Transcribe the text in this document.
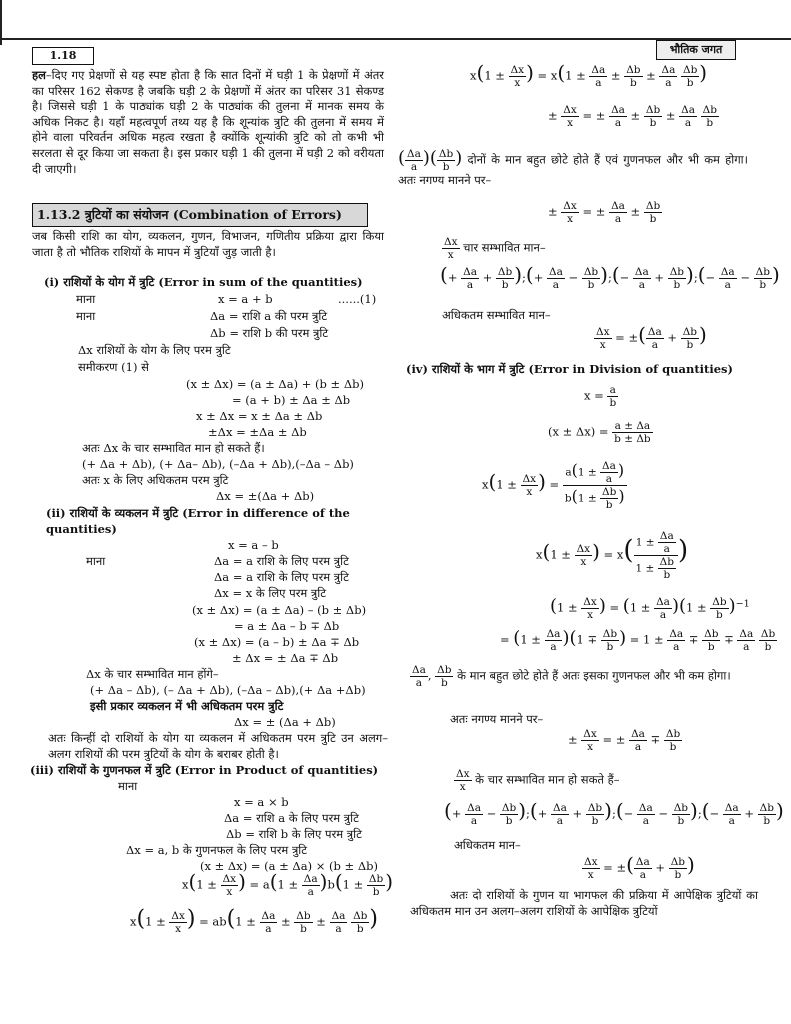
1.18	भौतिक जगत
हल–दिए गए प्रेक्षणों से यह स्पष्ट होता है कि सात दिनों में घड़ी 1 के प्रेक्षणों में अंतर का परिसर 162 सेकण्ड है जबकि घड़ी 2 के प्रेक्षणों में अंतर का परिसर 31 सेकण्ड है। जिससे घड़ी 1 के पाठ्यांक घड़ी 2 के पाठ्यांक की तुलना में मानक समय के अधिक निकट है। यहाँ महत्वपूर्ण तथ्य यह है कि शून्यांक त्रुटि की तुलना में समय में होने वाला परिवर्तन अधिक महत्व रखता है क्योंकि शून्यांकी त्रुटि को तो कभी भी सरलता से दूर किया जा सकता है। इस प्रकार घड़ी 1 की तुलना में घड़ी 2 को वरीयता दी जाएगी।
1.13.2 त्रुटियों का संयोजन (Combination of Errors)
जब किसी राशि का योग, व्यकलन, गुणन, विभाजन, गणितीय प्रक्रिया द्वारा किया जाता है तो भौतिक राशियों के मापन में त्रुटियाँ जुड़ जाती है।
(i) राशियों के योग में त्रुटि (Error in sum of the quantities)
माना	x = a + b	......(1)
माना	Δa = राशि a की परम त्रुटि
Δb = राशि b की परम त्रुटि
Δx राशियों के योग के लिए परम त्रुटि
समीकरण (1) से
(x ± Δx) = (a ± Δa) + (b ± Δb)
= (a + b) ± Δa ± Δb
x ± Δx = x ± Δa ± Δb
±Δx = ±Δa ± Δb
अतः Δx के चार सम्भावित मान हो सकते हैं।
(+ Δa + Δb), (+ Δa– Δb), (–Δa + Δb),(–Δa – Δb)
अतः x के लिए अधिकतम परम त्रुटि
Δx = ±(Δa + Δb)
(ii) राशियों के व्यकलन में त्रुटि (Error in difference of the quantities)
x = a – b
माना	Δa = a राशि के लिए परम त्रुटि
Δa = a राशि के लिए परम त्रुटि
Δx = x के लिए परम त्रुटि
(x ± Δx) = (a ± Δa) – (b ± Δb)
= a ± Δa – b ∓ Δb
(x ± Δx) = (a – b) ± Δa ∓ Δb
± Δx = ± Δa ∓ Δb
Δx के चार सम्भावित मान होंगे–
(+ Δa – Δb), (– Δa + Δb), (–Δa – Δb),(+ Δa +Δb)
इसी प्रकार व्यकलन में भी अधिकतम परम त्रुटि
Δx = ± (Δa + Δb)
अतः किन्हीं दो राशियों के योग या व्यकलन में अधिकतम परम त्रुटि उन अलग–अलग राशियों की परम त्रुटियों के योग के बराबर होती है।
(iii) राशियों के गुणनफल में त्रुटि (Error in Product of quantities)
माना
x = a × b
Δa = राशि a के लिए परम त्रुटि
Δb = राशि b के लिए परम त्रुटि
Δx = a, b के गुणनफल के लिए परम त्रुटि
(x ± Δx) = (a ± Δa) × (b ± Δb)
$x(1 \pm \frac{\Delta x}{x}$ ) = $a(1 \pm \frac{\Delta a}{a} )b(1 \pm \frac{\Delta b}{b}$ )
$x(1 \pm \frac{\Delta x}{x}$ ) = $ab(1 \pm \frac{\Delta a}{a} \pm \frac{\Delta b}{b} \pm \frac{\Delta a}{a}$
$\frac{\Delta b}{b}$ )
$x(1 \pm \frac{\Delta x}{x}$ ) = $x(1 \pm \frac{\Delta a}{a} \pm \frac{\Delta b}{b} \pm \frac{\Delta a}{a}$
$\frac{\Delta b}{b}$ )
± $\frac{\Delta x}{x}$ = ± $\frac{\Delta a}{a} \pm \frac{\Delta b}{b} \pm \frac{\Delta a}{a}$
$\frac{\Delta b}{b}$
( $\frac{\Delta a}{a}$ )( $\frac{\Delta b}{b}$ ) दोनों के मान बहुत छोटे होते हैं एवं गुणनफल और भी कम होगा। अतः नगण्य मानने पर–
± $\frac{\Delta x}{x}$ = ± $\frac{\Delta a}{a} \pm \frac{\Delta b}{b}$
$\frac{\Delta x}{x}$ चार सम्भावित मान–
(+ $\frac{\Delta a}{a} + \frac{\Delta b}{b}$ );(+ $\frac{\Delta a}{a} - \frac{\Delta b}{b}$ );(− $\frac{\Delta a}{a} + \frac{\Delta b}{b}$ );(− $\frac{\Delta a}{a} - \frac{\Delta b}{b}$ )
अधिकतम सम्भावित मान–
$\frac{\Delta x}{x}$ = ±( $\frac{\Delta a}{a} + \frac{\Delta b}{b}$ )
(iv) राशियों के भाग में त्रुटि (Error in Division of quantities)
$x = \frac{a}{b}$
$(x \pm \Delta x) = \frac{a \pm \Delta a}{b \pm \Delta b}$
$x(1 \pm \frac{\Delta x}{x}$ ) = $\frac{a(1 \pm \frac{\Delta a}{a} )}{b(1 \pm \frac{\Delta b}{b} )}$
$x(1 \pm \frac{\Delta x}{x}$ ) = $x( \frac{1 \pm \frac{\Delta a}{a}}{1 \pm \frac{\Delta b}{b}}$ )
($1 \pm \frac{\Delta x}{x}$ ) = $(1 \pm \frac{\Delta a}{a} )(1 \pm \frac{\Delta b}{b} )^{-1}$
= $(1 \pm \frac{\Delta a}{a} )(1 \mp \frac{\Delta b}{b}$ ) = $1 \pm \frac{\Delta a}{a} \mp \frac{\Delta b}{b} \mp \frac{\Delta a}{a}$
$\frac{\Delta b}{b}$
$\frac{\Delta a}{a}$ , $\frac{\Delta b}{b}$ के मान बहुत छोटे होते हैं अतः इसका गुणनफल और भी कम होगा।
अतः नगण्य मानने पर–
± $\frac{\Delta x}{x}$ = ± $\frac{\Delta a}{a} \mp \frac{\Delta b}{b}$
$\frac{\Delta x}{x}$ के चार सम्भावित मान हो सकते हैं–
(+ $\frac{\Delta a}{a} - \frac{\Delta b}{b}$ );(+ $\frac{\Delta a}{a} + \frac{\Delta b}{b}$ );(− $\frac{\Delta a}{a} - \frac{\Delta b}{b}$ );(− $\frac{\Delta a}{a} + \frac{\Delta b}{b}$ )
अधिकतम मान–
$\frac{\Delta x}{x}$ = ±( $\frac{\Delta a}{a} + \frac{\Delta b}{b}$ )
अतः दो राशियों के गुणन या भागफल की प्रक्रिया में आपेक्षिक त्रुटियों का अधिकतम मान उन अलग–अलग राशियों के आपेक्षिक त्रुटियों
